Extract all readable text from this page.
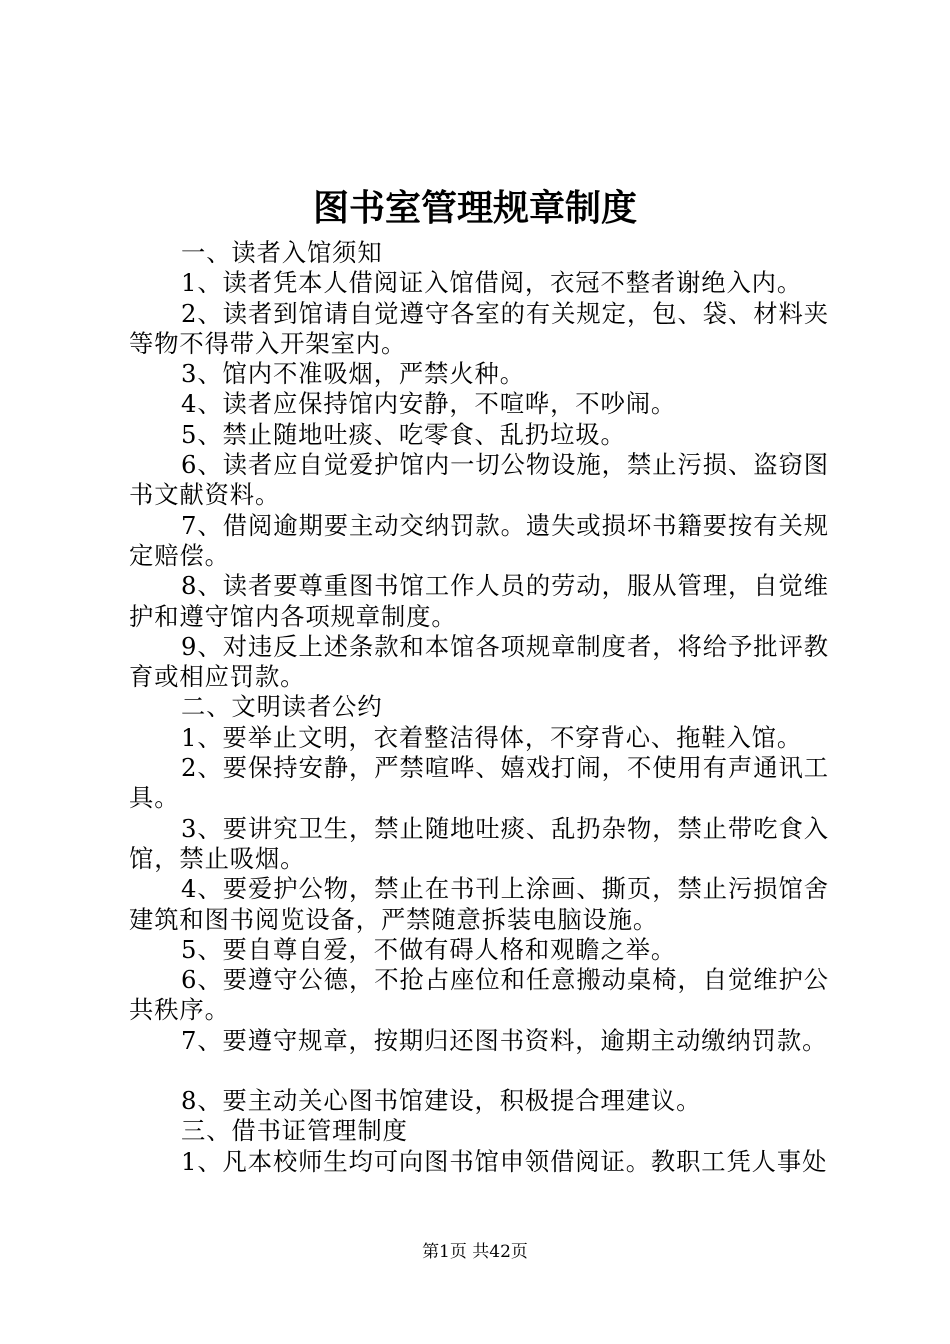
图书室管理规章制度

一、读者入馆须知

1、读者凭本人借阅证入馆借阅，衣冠不整者谢绝入内。

2、读者到馆请自觉遵守各室的有关规定，包、袋、材料夹等物不得带入开架室内。

3、馆内不准吸烟，严禁火种。

4、读者应保持馆内安静，不喧哗，不吵闹。

5、禁止随地吐痰、吃零食、乱扔垃圾。

6、读者应自觉爱护馆内一切公物设施，禁止污损、盗窃图书文献资料。

7、借阅逾期要主动交纳罚款。遗失或损坏书籍要按有关规定赔偿。

8、读者要尊重图书馆工作人员的劳动，服从管理，自觉维护和遵守馆内各项规章制度。

9、对违反上述条款和本馆各项规章制度者，将给予批评教育或相应罚款。

二、文明读者公约

1、要举止文明，衣着整洁得体，不穿背心、拖鞋入馆。

2、要保持安静，严禁喧哗、嬉戏打闹，不使用有声通讯工具。

3、要讲究卫生，禁止随地吐痰、乱扔杂物，禁止带吃食入馆，禁止吸烟。

4、要爱护公物，禁止在书刊上涂画、撕页，禁止污损馆舍建筑和图书阅览设备，严禁随意拆装电脑设施。

5、要自尊自爱，不做有碍人格和观瞻之举。

6、要遵守公德，不抢占座位和任意搬动桌椅，自觉维护公共秩序。

7、要遵守规章，按期归还图书资料，逾期主动缴纳罚款。

8、要主动关心图书馆建设，积极提合理建议。

三、借书证管理制度

1、凡本校师生均可向图书馆申领借阅证。教职工凭人事处

第1页 共42页
